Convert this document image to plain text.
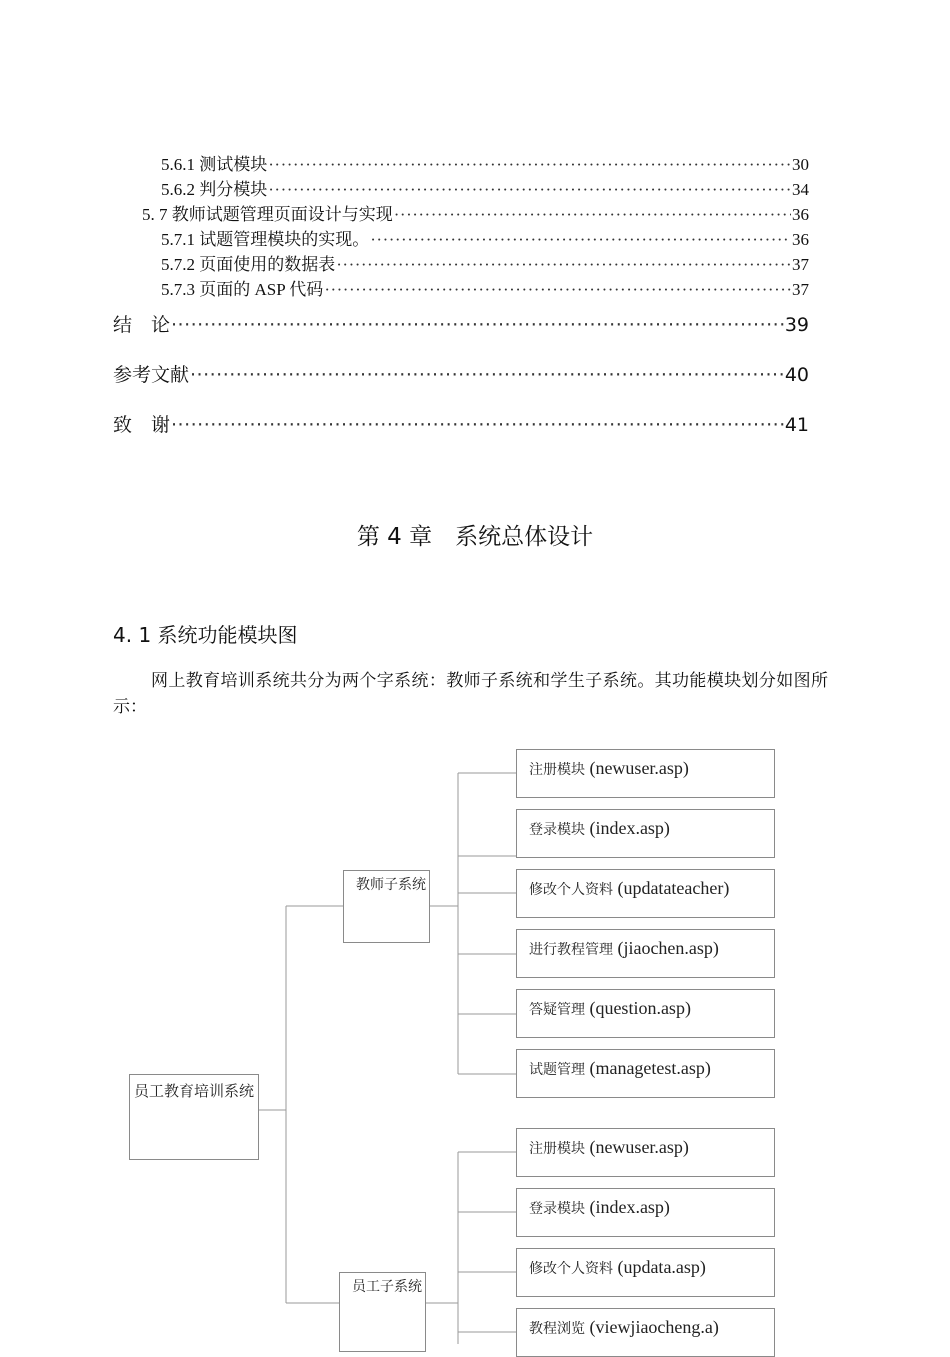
5.6.1 测试模块 ·····	30
5.6.2 判分模块 ·····	34
5. 7 教师试题管理页面设计与实现 ·····	36
5.7.1 试题管理模块的实现。 ·····	36
5.7.2 页面使用的数据表 ·····	37
5.7.3 页面的 ASP 代码 ·····	37
结　论 ·····	39
参考文献 ·····	40
致　谢 ·····	41
第 4 章　系统总体设计
4. 1 系统功能模块图
网上教育培训系统共分为两个字系统：教师子系统和学生子系统。其功能模块划分如图所示：
员工教育培训系统
教师子系统
注册模块 (newuser.asp)
登录模块 (index.asp)
修改个人资料 (updatateacher)
进行教程管理 (jiaochen.asp)
答疑管理 (question.asp)
试题管理 (managetest.asp)
员工子系统
注册模块 (newuser.asp)
登录模块 (index.asp)
修改个人资料 (updata.asp)
教程浏览 (viewjiaocheng.a)
